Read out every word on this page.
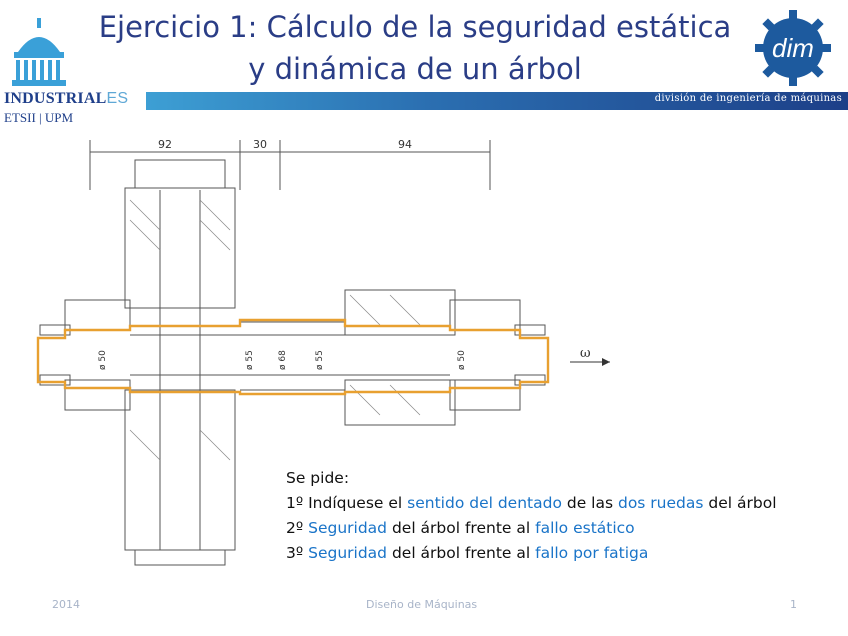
INDUSTRIALES
ETSII | UPM
Ejercicio 1: Cálculo de la seguridad estática
y dinámica de un árbol
división de ingeniería de máquinas
dim
92	30	94
ø 50	ø 55	ø 68	ø 55	ø 50	ω
Se pide:
1º Indíquese el sentido del dentado de las dos ruedas del árbol
2º Seguridad del árbol frente al fallo estático
3º Seguridad del árbol frente al fallo por fatiga
2014	Diseño de Máquinas	1
